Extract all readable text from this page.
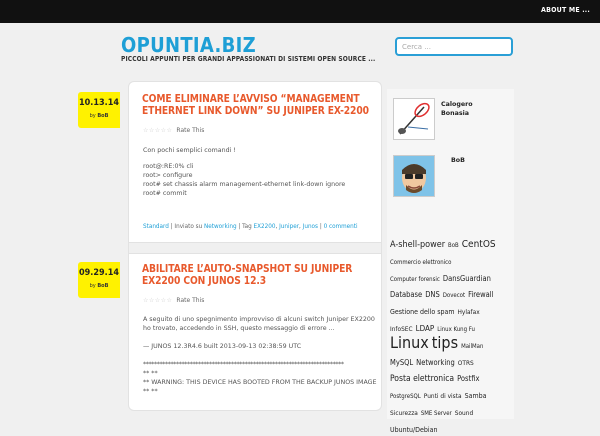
ABOUT ME ...
OPUNTIA.BIZ
PICCOLI APPUNTI PER GRANDI APPASSIONATI DI SISTEMI OPEN SOURCE ...
Cerca ...
10.13.14
by BoB
COME ELIMINARE L’AVVISO “MANAGEMENT ETHERNET LINK DOWN” SU JUNIPER EX-2200
☆☆☆☆☆ Rate This
Con pochi semplici comandi !
root@:RE:0% cli
root> configure
root# set chassis alarm management-ethernet link-down ignore
root# commit
Standard | Inviato su Networking | Tag EX2200, Juniper, Junos | 0 commenti
09.29.14
by BoB
ABILITARE L’AUTO-SNAPSHOT SU JUNIPER EX2200 CON JUNOS 12.3
☆☆☆☆☆ Rate This
A seguito di uno spegnimento improvviso di alcuni switch Juniper EX2200
ho trovato, accedendo in SSH, questo messaggio di errore ...
— JUNOS 12.3R4.6 built 2013-09-13 02:38:59 UTC
*************************************************************************
** **
** WARNING: THIS DEVICE HAS BOOTED FROM THE BACKUP JUNOS IMAGE
** **
Calogero Bonasia
BoB
A-shell-power BoB CentOSCommercio elettronicoComputer forensic DansGuardianDatabase DNS Dovecot FirewallGestione dello spam HylafaxInfoSEC LDAP Linux Kung FuLinux tips MailManMySQL Networking OTRSPosta elettronica PostfixPostgreSQL Punti di vista SambaSicurezza SME Server SoundUbuntu/Debian
